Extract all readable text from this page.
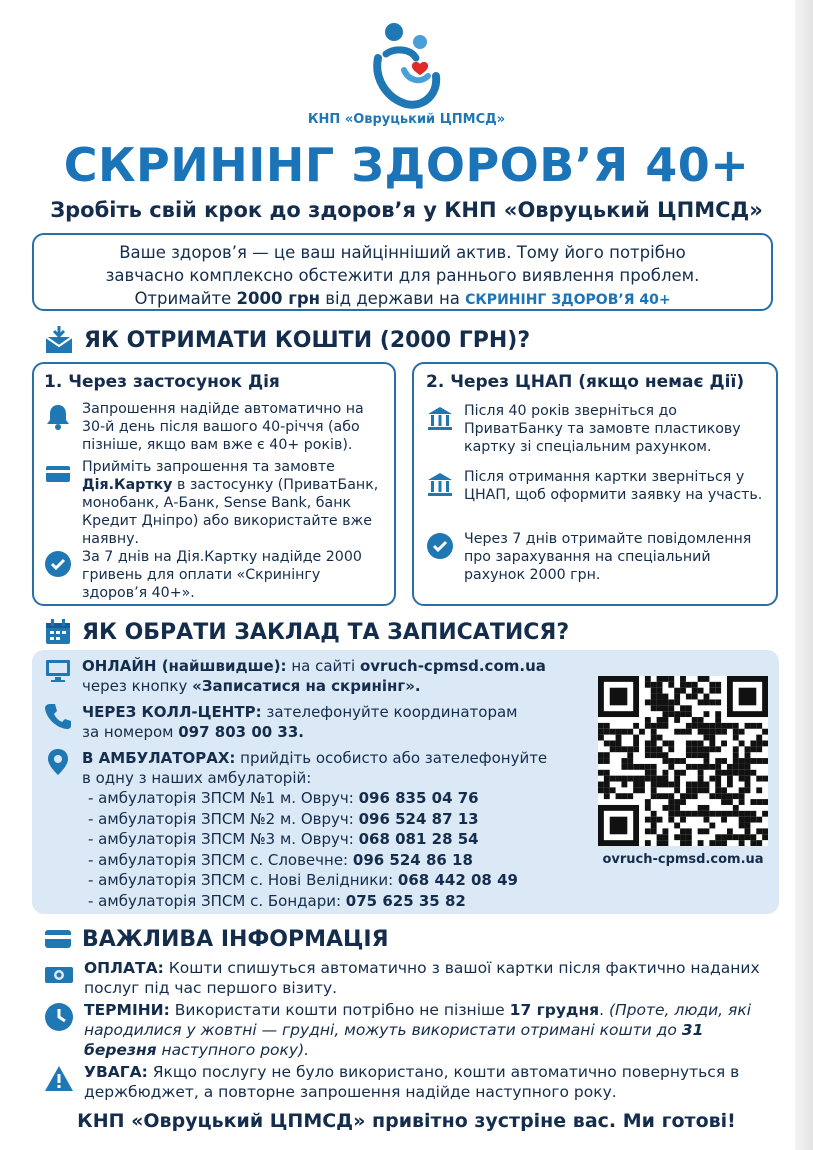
КНП «Овруцький ЦПМСД»
СКРИНІНГ ЗДОРОВ’Я 40+
Зробіть свій крок до здоров’я у КНП «Овруцький ЦПМСД»
Ваше здоров’я — це ваш найцінніший актив. Тому його потрібно
завчасно комплексно обстежити для раннього виявлення проблем.
Отримайте 2000 грн від держави на СКРИНІНГ ЗДОРОВ’Я 40+
ЯК ОТРИМАТИ КОШТИ (2000 ГРН)?
1. Через застосунок Дія
Запрошення надійде автоматично на 30-й день після вашого 40-річчя (або пізніше, якщо вам вже є 40+ років).
Прийміть запрошення та замовте Дія.Картку в застосунку (ПриватБанк, монобанк, А-Банк, Sense Bank, банк Кредит Дніпро) або використайте вже наявну.
За 7 днів на Дія.Картку надійде 2000 гривень для оплати «Скринінгу здоров’я 40+».
2. Через ЦНАП (якщо немає Дії)
Після 40 років зверніться до ПриватБанку та замовте пластикову картку зі спеціальним рахунком.
Після отримання картки зверніться у ЦНАП, щоб оформити заявку на участь.
Через 7 днів отримайте повідомлення про зарахування на спеціальний рахунок 2000 грн.
ЯК ОБРАТИ ЗАКЛАД ТА ЗАПИСАТИСЯ?
ОНЛАЙН (найшвидше): на сайті ovruch-cpmsd.com.ua
через кнопку «Записатися на скринінг».
ЧЕРЕЗ КОЛЛ-ЦЕНТР: зателефонуйте координаторам
за номером 097 803 00 33.
В АМБУЛАТОРАХ: прийдіть особисто або зателефонуйте
в одну з наших амбулаторій:
- амбулаторія ЗПСМ №1 м. Овруч: 096 835 04 76
- амбулаторія ЗПСМ №2 м. Овруч: 096 524 87 13
- амбулаторія ЗПСМ №3 м. Овруч: 068 081 28 54
- амбулаторія ЗПСМ с. Словечне: 096 524 86 18
- амбулаторія ЗПСМ с. Нові Велідники: 068 442 08 49
- амбулаторія ЗПСМ с. Бондари: 075 625 35 82
ovruch-cpmsd.com.ua
ВАЖЛИВА ІНФОРМАЦІЯ
ОПЛАТА: Кошти спишуться автоматично з вашої картки після фактично наданих послуг під час першого візиту.
ТЕРМІНИ: Використати кошти потрібно не пізніше 17 грудня. (Проте, люди, які народилися у жовтні — грудні, можуть використати отримані кошти до 31 березня наступного року).
УВАГА: Якщо послугу не було використано, кошти автоматично повернуться в держбюджет, а повторне запрошення надійде наступного року.
КНП «Овруцький ЦПМСД» привітно зустріне вас. Ми готові!
